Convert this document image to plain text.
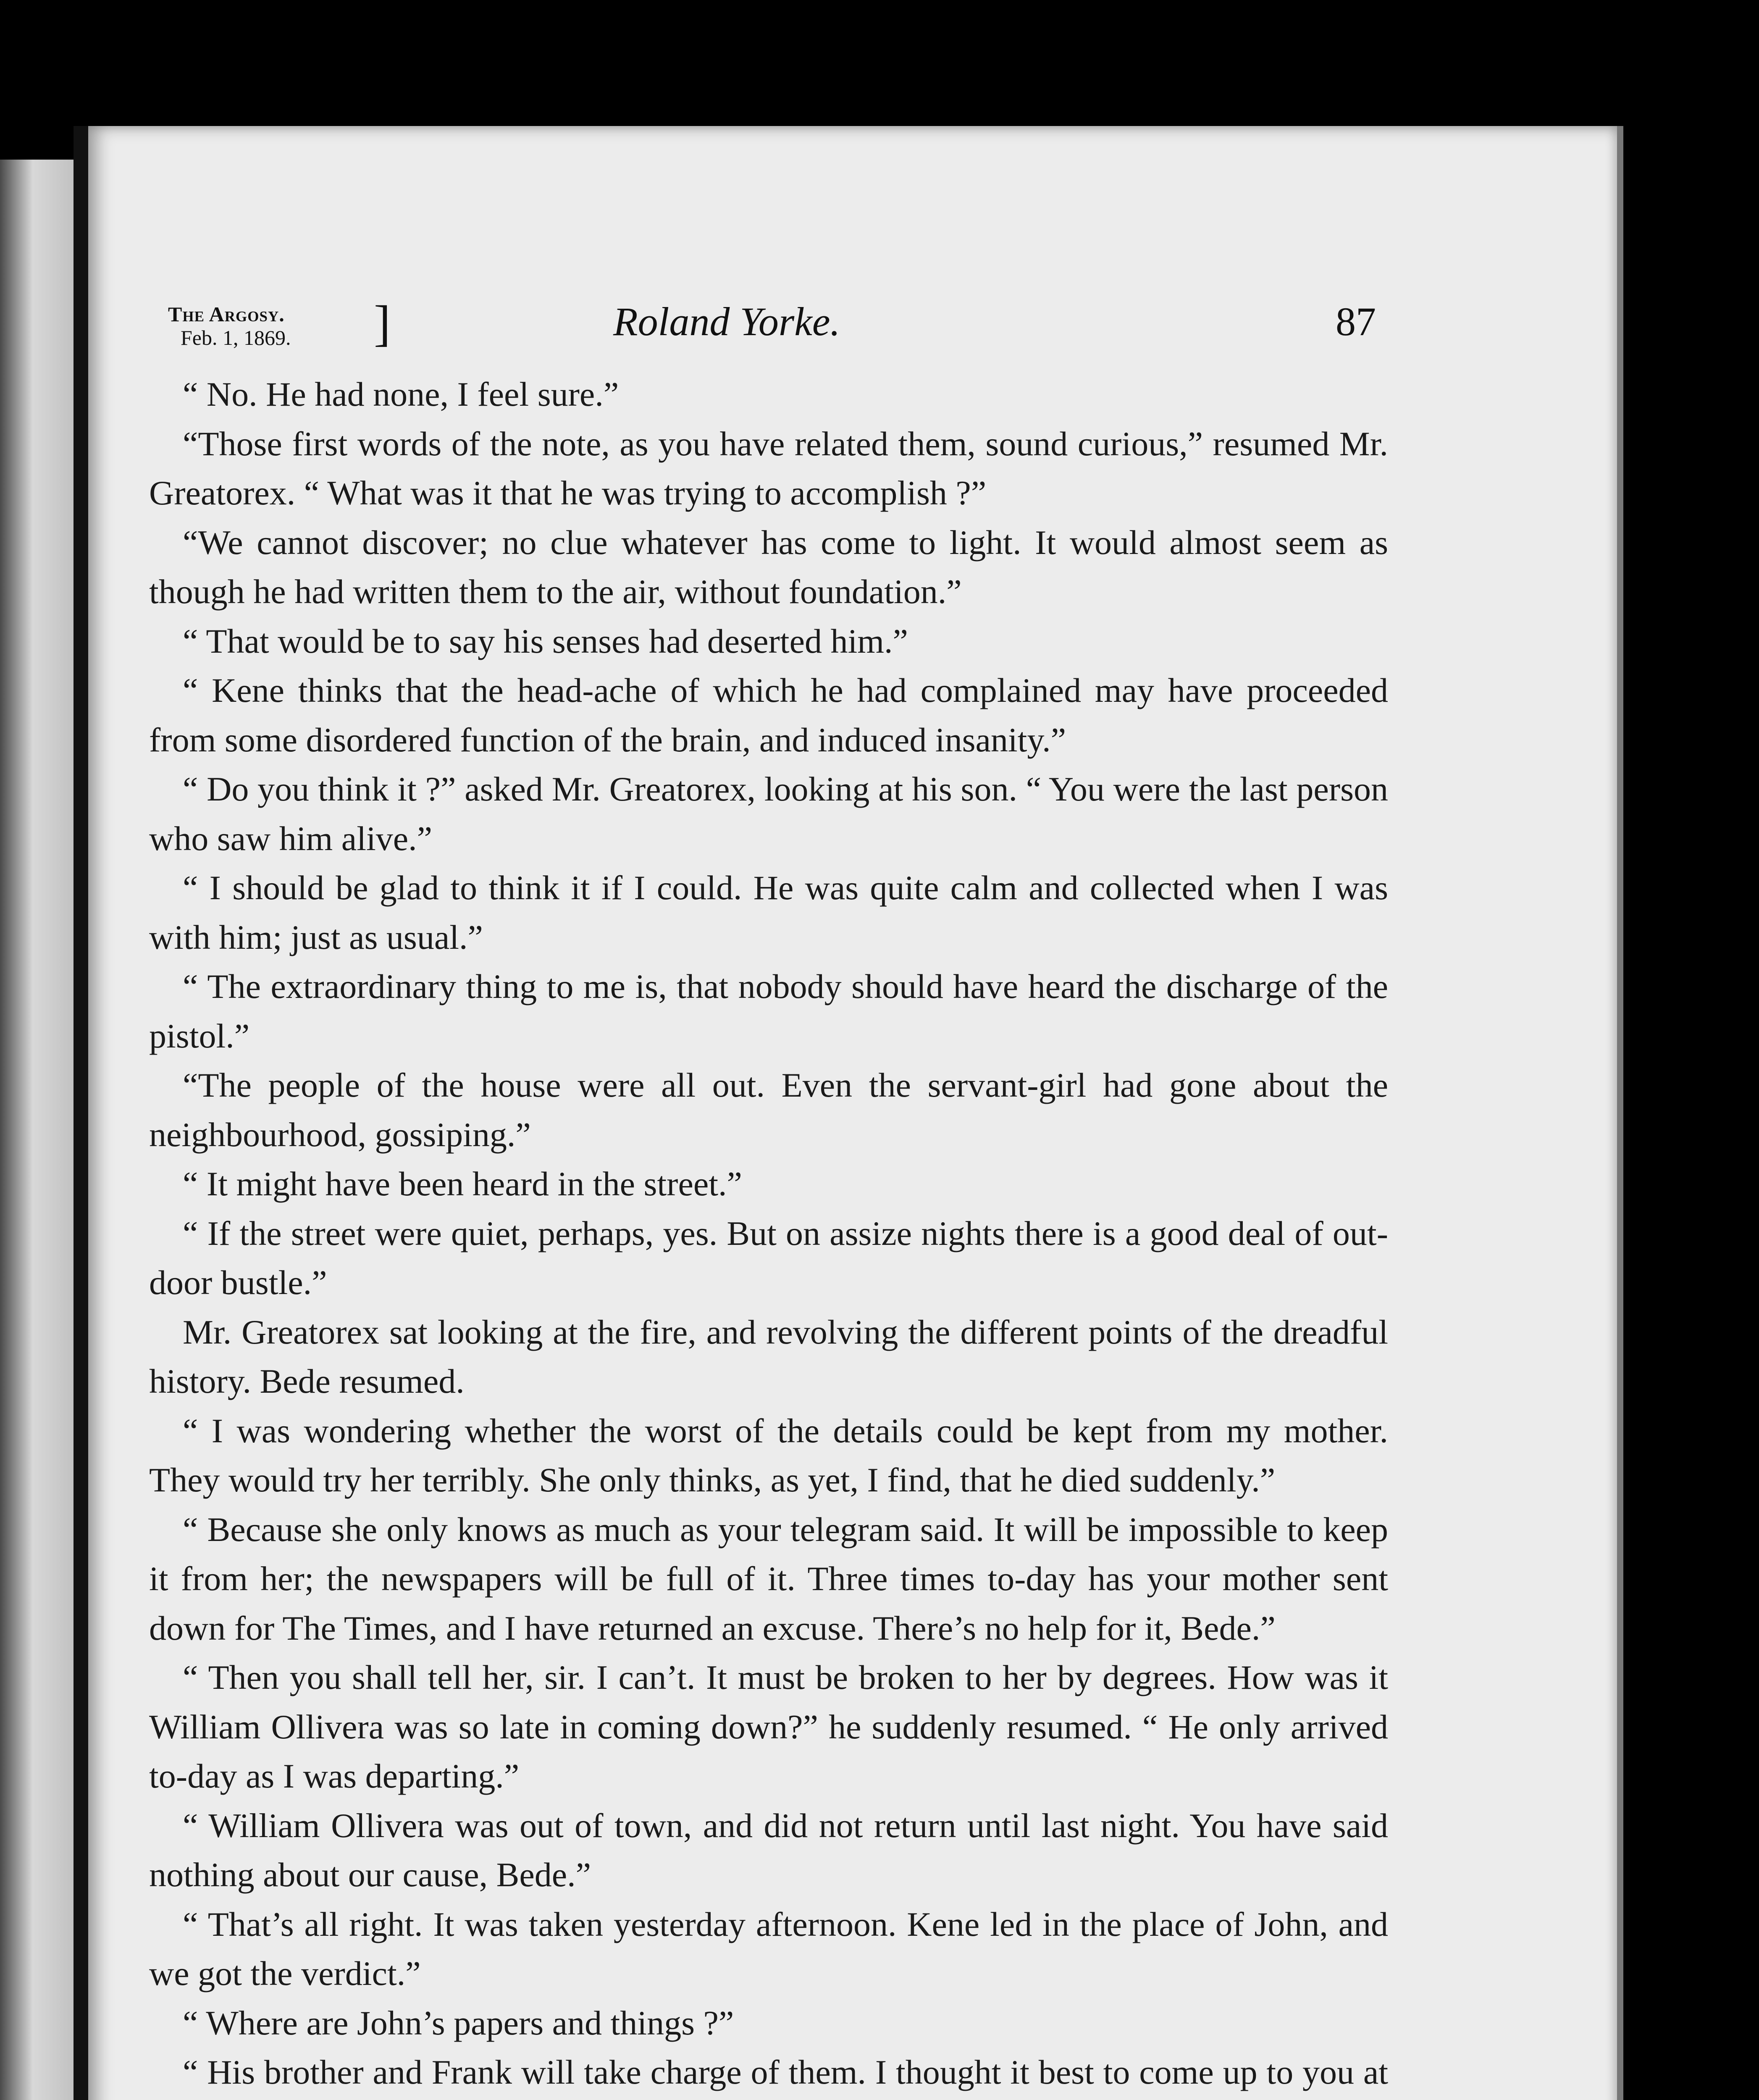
The Argosy.
Feb. 1, 1869. ]	Roland Yorke.	87

“ No. He had none, I feel sure.”

“Those first words of the note, as you have related them, sound curious,” resumed Mr. Greatorex. “ What was it that he was trying to accomplish ?”

“We cannot discover; no clue whatever has come to light. It would almost seem as though he had written them to the air, without foundation.”

“ That would be to say his senses had deserted him.”

“ Kene thinks that the head-ache of which he had complained may have proceeded from some disordered function of the brain, and induced insanity.”

“ Do you think it ?” asked Mr. Greatorex, looking at his son. “ You were the last person who saw him alive.”

“ I should be glad to think it if I could. He was quite calm and collected when I was with him; just as usual.”

“ The extraordinary thing to me is, that nobody should have heard the discharge of the pistol.”

“The people of the house were all out. Even the servant-girl had gone about the neighbourhood, gossiping.”

“ It might have been heard in the street.”

“ If the street were quiet, perhaps, yes. But on assize nights there is a good deal of out-door bustle.”

Mr. Greatorex sat looking at the fire, and revolving the different points of the dreadful history. Bede resumed.

“ I was wondering whether the worst of the details could be kept from my mother. They would try her terribly. She only thinks, as yet, I find, that he died suddenly.”

“ Because she only knows as much as your telegram said. It will be impossible to keep it from her; the newspapers will be full of it. Three times to-day has your mother sent down for The Times, and I have returned an excuse. There’s no help for it, Bede.”

“ Then you shall tell her, sir. I can’t. It must be broken to her by degrees. How was it William Ollivera was so late in coming down?” he suddenly resumed. “ He only arrived to-day as I was departing.”

“ William Ollivera was out of town, and did not return until last night. You have said nothing about our cause, Bede.”

“ That’s all right. It was taken yesterday afternoon. Kene led in the place of John, and we got the verdict.”

“ Where are John’s papers and things ?”

“ His brother and Frank will take charge of them. I thought it best to come up to you at
